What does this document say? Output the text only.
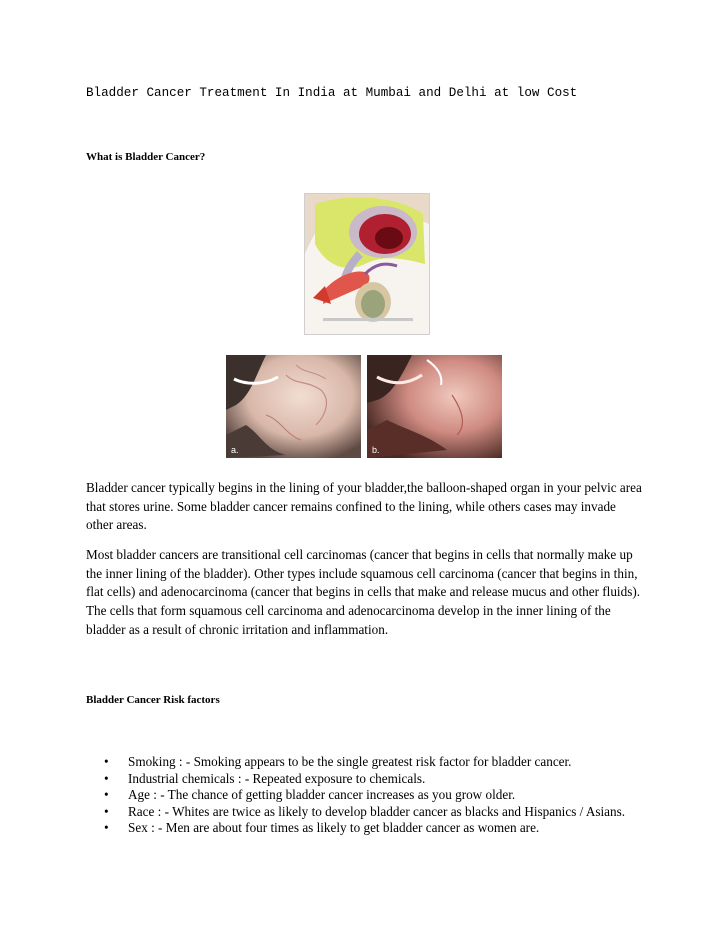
Bladder Cancer Treatment In India at Mumbai and Delhi at low Cost
What is Bladder Cancer?
a.	b.

Bladder cancer typically begins in the lining of your bladder,the balloon-shaped organ in your pelvic area that stores urine. Some bladder cancer remains confined to the lining, while others cases may invade other areas.

Most bladder cancers are transitional cell carcinomas (cancer that begins in cells that normally make up the inner lining of the bladder). Other types include squamous cell carcinoma (cancer that begins in thin, flat cells) and adenocarcinoma (cancer that begins in cells that make and release mucus and other fluids). The cells that form squamous cell carcinoma and adenocarcinoma develop in the inner lining of the bladder as a result of chronic irritation and inflammation.

Bladder Cancer Risk factors
• Smoking : - Smoking appears to be the single greatest risk factor for bladder cancer.
• Industrial chemicals : - Repeated exposure to chemicals.
• Age : - The chance of getting bladder cancer increases as you grow older.
• Race : - Whites are twice as likely to develop bladder cancer as blacks and Hispanics / Asians.
• Sex : - Men are about four times as likely to get bladder cancer as women are.
